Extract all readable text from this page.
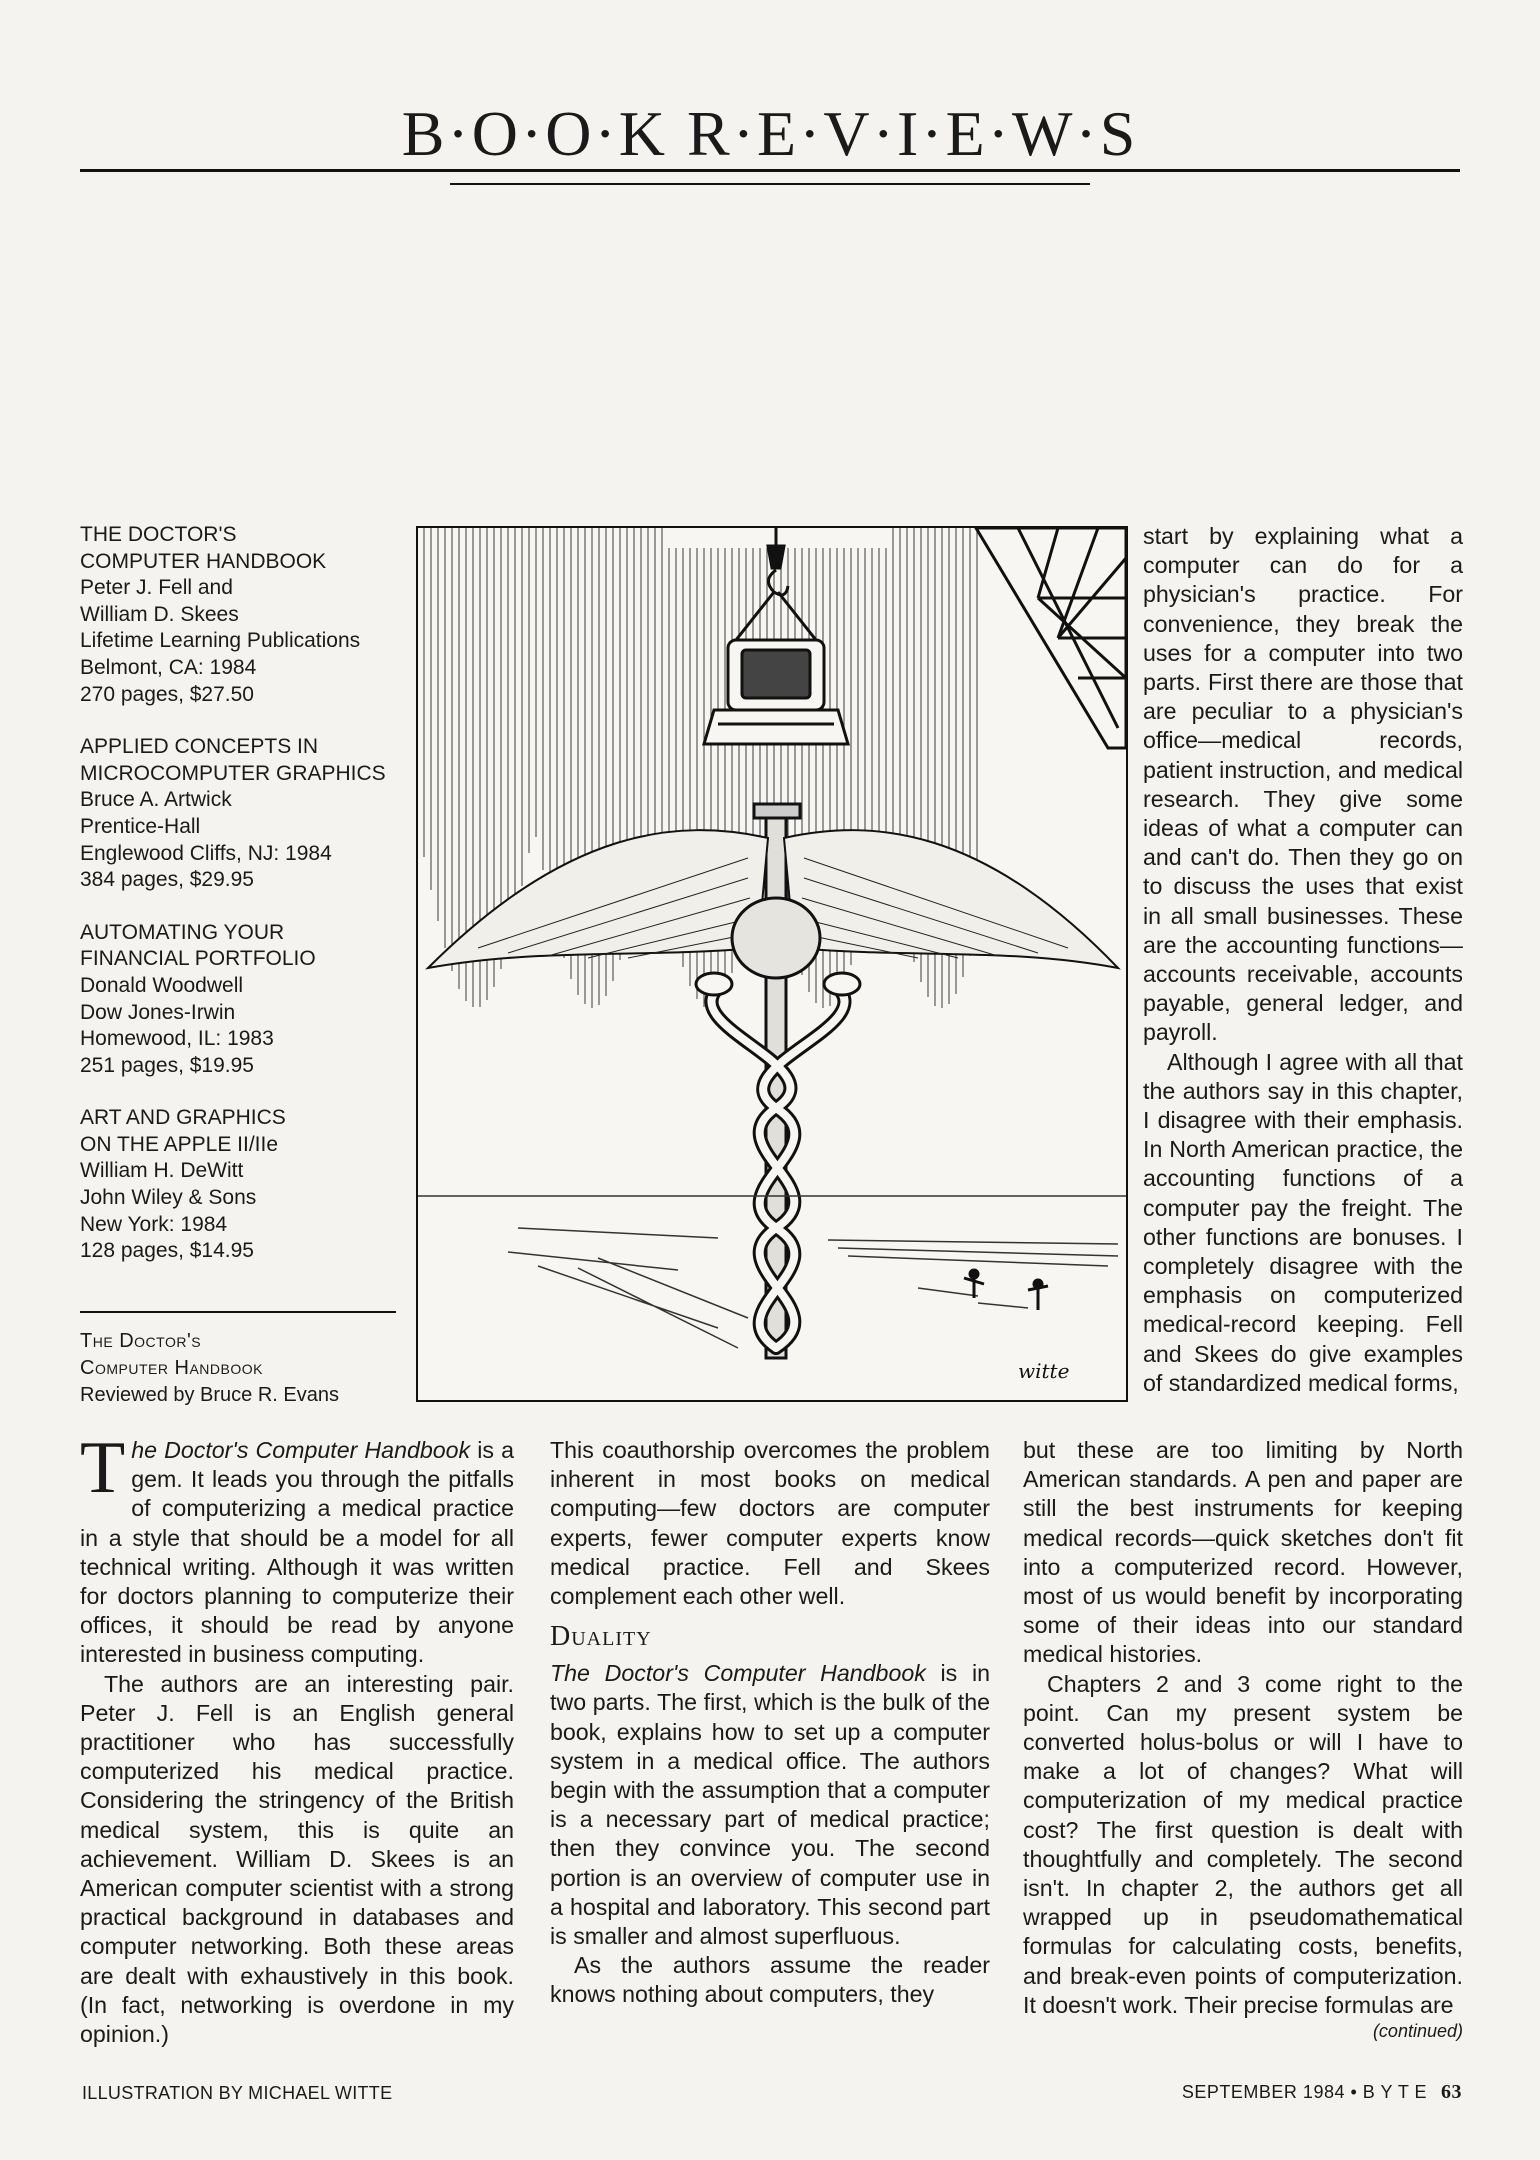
B·O·O·K R·E·V·I·E·W·S
THE DOCTOR'S
COMPUTER HANDBOOK
Peter J. Fell and
William D. Skees
Lifetime Learning Publications
Belmont, CA: 1984
270 pages, $27.50
APPLIED CONCEPTS IN
MICROCOMPUTER GRAPHICS
Bruce A. Artwick
Prentice-Hall
Englewood Cliffs, NJ: 1984
384 pages, $29.95
AUTOMATING YOUR
FINANCIAL PORTFOLIO
Donald Woodwell
Dow Jones-Irwin
Homewood, IL: 1983
251 pages, $19.95
ART AND GRAPHICS
ON THE APPLE II/IIe
William H. DeWitt
John Wiley & Sons
New York: 1984
128 pages, $14.95
The Doctor's
Computer Handbook
Reviewed by Bruce R. Evans
witte

start by explaining what a computer can do for a physician's practice. For convenience, they break the uses for a computer into two parts. First there are those that are peculiar to a physician's office—medical records, patient instruction, and medical research. They give some ideas of what a computer can and can't do. Then they go on to discuss the uses that exist in all small businesses. These are the accounting functions—accounts receivable, accounts payable, general ledger, and payroll.

Although I agree with all that the authors say in this chapter, I disagree with their emphasis. In North American practice, the accounting functions of a computer pay the freight. The other functions are bonuses. I completely disagree with the emphasis on computerized medical-record keeping. Fell and Skees do give examples of standardized medical forms,

The Doctor's Computer Handbook is a gem. It leads you through the pitfalls of computerizing a medical practice in a style that should be a model for all technical writing. Although it was written for doctors planning to computerize their offices, it should be read by anyone interested in business computing.

The authors are an interesting pair. Peter J. Fell is an English general practitioner who has successfully computerized his medical practice. Considering the stringency of the British medical system, this is quite an achievement. William D. Skees is an American computer scientist with a strong practical background in databases and computer networking. Both these areas are dealt with exhaustively in this book. (In fact, networking is overdone in my opinion.)

This coauthorship overcomes the problem inherent in most books on medical computing—few doctors are computer experts, fewer computer experts know medical practice. Fell and Skees complement each other well.

Duality

The Doctor's Computer Handbook is in two parts. The first, which is the bulk of the book, explains how to set up a computer system in a medical office. The authors begin with the assumption that a computer is a necessary part of medical practice; then they convince you. The second portion is an overview of computer use in a hospital and laboratory. This second part is smaller and almost superfluous.

As the authors assume the reader knows nothing about computers, they

but these are too limiting by North American standards. A pen and paper are still the best instruments for keeping medical records—quick sketches don't fit into a computerized record. However, most of us would benefit by incorporating some of their ideas into our standard medical histories.

Chapters 2 and 3 come right to the point. Can my present system be converted holus-bolus or will I have to make a lot of changes? What will computerization of my medical practice cost? The first question is dealt with thoughtfully and completely. The second isn't. In chapter 2, the authors get all wrapped up in pseudomathematical formulas for calculating costs, benefits, and break-even points of computerization. It doesn't work. Their precise formulas are

(continued)
ILLUSTRATION BY MICHAEL WITTE	SEPTEMBER 1984 • B Y T E 63
